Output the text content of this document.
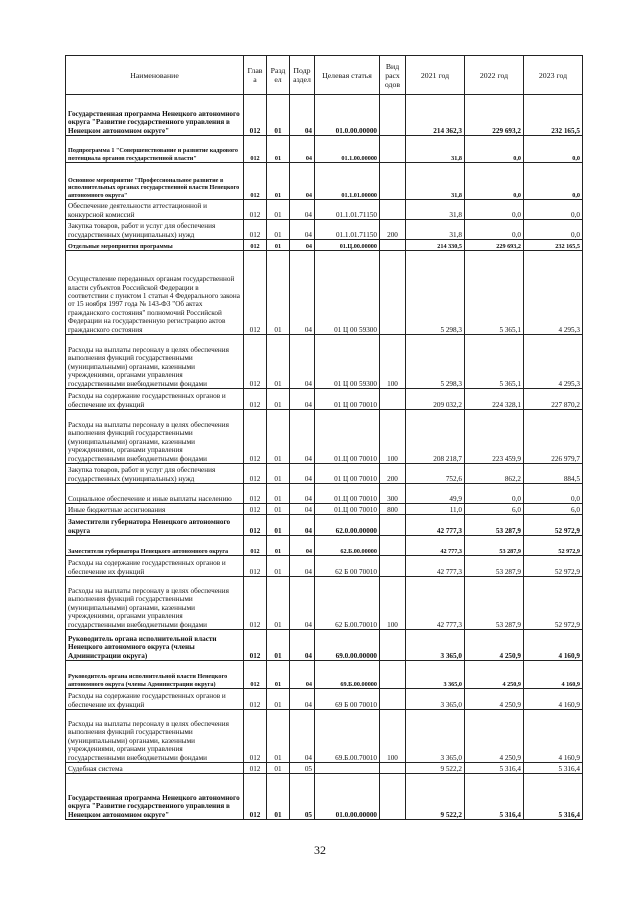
Наименование	Глав а	Разд ел	Подр аздел	Целевая статья	Вид расх одов	2021 год	2022 год	2023 год
Государственная программа Ненецкого автономного округа "Развитие государственного управления в Ненецком автономном округе"	012	01	04	01.0.00.00000		214 362,3	229 693,2	232 165,5
Подпрограмма 1 "Совершенствование и развитие кадрового потенциала органов государственной власти"	012	01	04	01.1.00.00000		31,8	0,0	0,0
Основное мероприятие "Профессиональное развитие в исполнительных органах государственной власти Ненецкого автономного округа"	012	01	04	01.1.01.00000		31,8	0,0	0,0
Обеспечение деятельности аттестационной и конкурсной комиссий	012	01	04	01.1.01.71150		31,8	0,0	0,0
Закупка товаров, работ и услуг для обеспечения государственных (муниципальных) нужд	012	01	04	01.1.01.71150	200	31,8	0,0	0,0
Отдельные мероприятия программы	012	01	04	01.Ц.00.00000		214 330,5	229 693,2	232 165,5
Осуществление переданных органам государственной власти субъектов Российской Федерации в соответствии с пунктом 1 статьи 4 Федерального закона от 15 ноября 1997 года № 143-ФЗ "Об актах гражданского состояния" полномочий Российской Федерации на государственную регистрацию актов гражданского состояния	012	01	04	01 Ц 00 59300		5 298,3	5 365,1	4 295,3
Расходы на выплаты персоналу в целях обеспечения выполнения функций государственными (муниципальными) органами, казенными учреждениями, органами управления государственными внебюджетными фондами	012	01	04	01 Ц 00 59300	100	5 298,3	5 365,1	4 295,3
Расходы на содержание государственных органов и обеспечение их функций	012	01	04	01 Ц 00 70010		209 032,2	224 328,1	227 870,2
Расходы на выплаты персоналу в целях обеспечения выполнения функций государственными (муниципальными) органами, казенными учреждениями, органами управления государственными внебюджетными фондами	012	01	04	01.Ц 00 70010	100	208 218,7	223 459,9	226 979,7
Закупка товаров, работ и услуг для обеспечения государственных (муниципальных) нужд	012	01	04	01 Ц 00 70010	200	752,6	862,2	884,5
Социальное обеспечение и иные выплаты населению	012	01	04	01.Ц 00 70010	300	49,9	0,0	0,0
Иные бюджетные ассигнования	012	01	04	01.Ц 00 70010	800	11,0	6,0	6,0
Заместители губернатора Ненецкого автономного округа	012	01	04	62.0.00.00000		42 777,3	53 287,9	52 972,9
Заместители губернатора Ненецкого автономного округа	012	01	04	62.Б.00.00000		42 777,3	53 287,9	52 972,9
Расходы на содержание государственных органов и обеспечение их функций	012	01	04	62 Б 00 70010		42 777,3	53 287,9	52 972,9
Расходы на выплаты персоналу в целях обеспечения выполнения функций государственными (муниципальными) органами, казенными учреждениями, органами управления государственными внебюджетными фондами	012	01	04	62 Б.00.70010	100	42 777,3	53 287,9	52 972,9
Руководитель органа исполнительной власти Ненецкого автономного округа (члены Администрации округа)	012	01	04	69.0.00.00000		3 365,0	4 250,9	4 160,9
Руководитель органа исполнительной власти Ненецкого автономного округа (члены Администрации округа)	012	01	04	69.Б.00.00000		3 365,0	4 250,9	4 160,9
Расходы на содержание государственных органов и обеспечение их функций	012	01	04	69 Б 00 70010		3 365,0	4 250,9	4 160,9
Расходы на выплаты персоналу в целях обеспечения выполнения функций государственными (муниципальными) органами, казенными учреждениями, органами управления государственными внебюджетными фондами	012	01	04	69.Б.00.70010	100	3 365,0	4 250,9	4 160,9
Судебная система	012	01	05			9 522,2	5 316,4	5 316,4
Государственная программа Ненецкого автономного округа "Развитие государственного управления в Ненецком автономном округе"	012	01	05	01.0.00.00000		9 522,2	5 316,4	5 316,4
32
